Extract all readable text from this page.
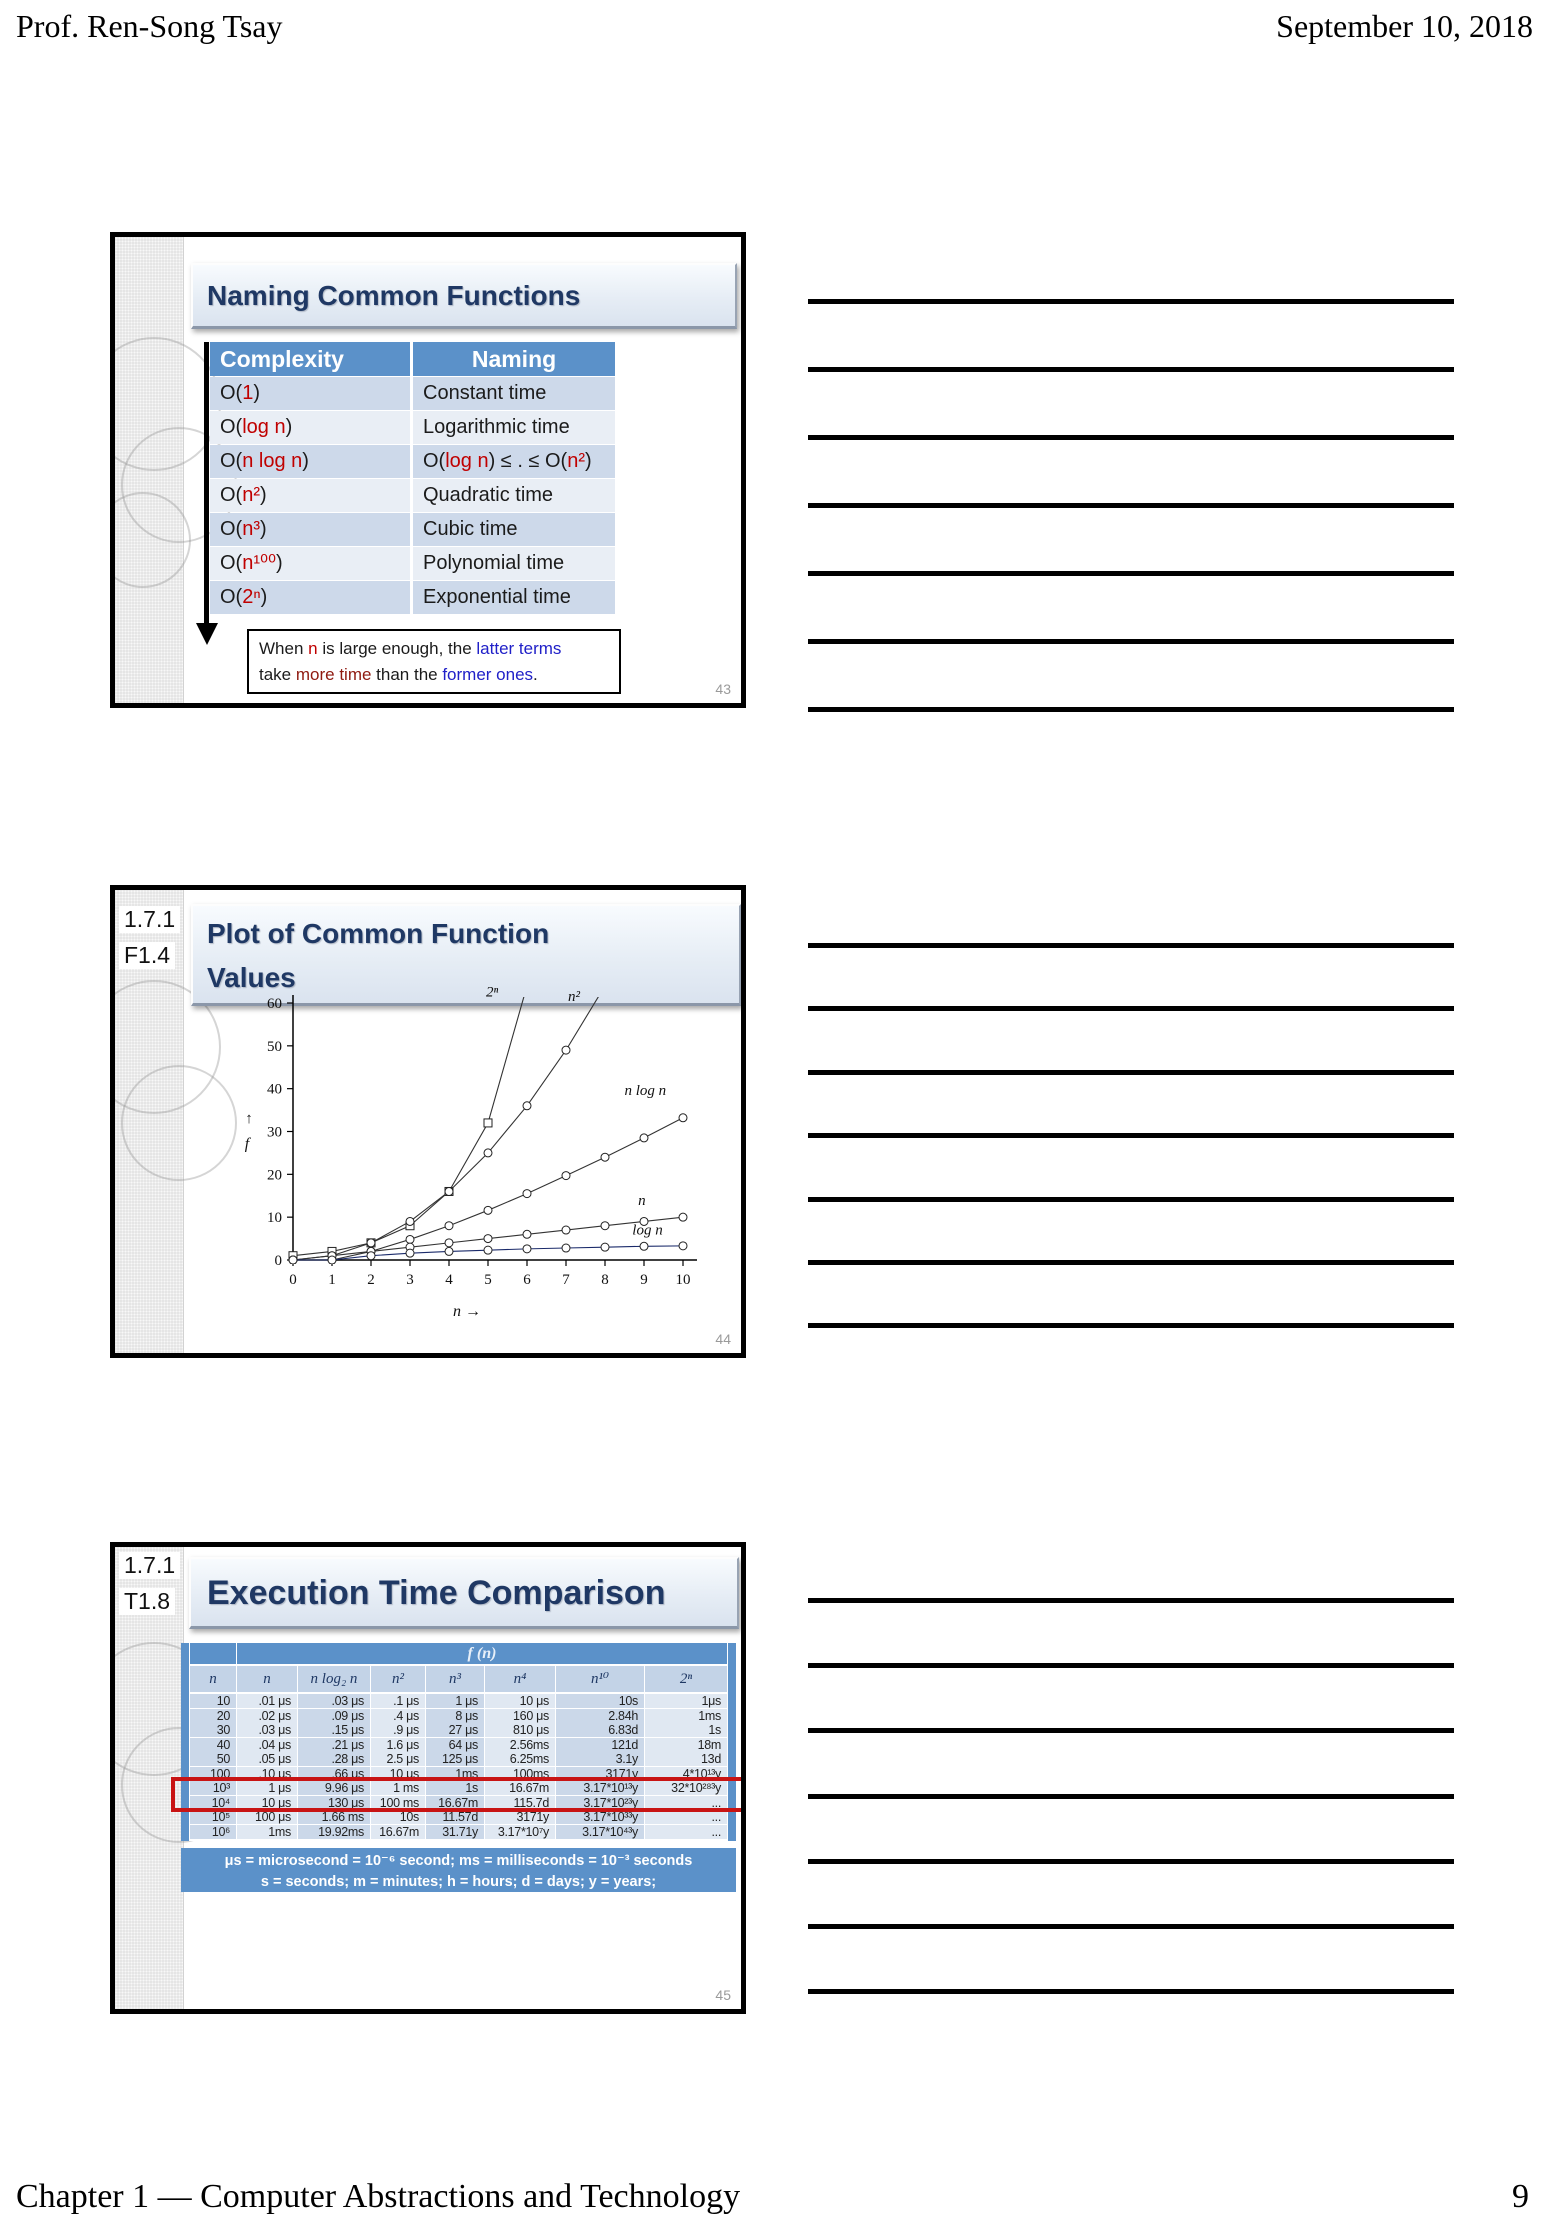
Prof. Ren-Song Tsay	September 10, 2018
Naming Common Functions
Complexity	Naming
O(1)	Constant time
O(log n)	Logarithmic time
O(n log n)	O(log n) ≤ . ≤ O(n²)
O(n²)	Quadratic time
O(n³)	Cubic time
O(n¹⁰⁰)	Polynomial time
O(2ⁿ)	Exponential time
When n is large enough, the latter terms
take more time than the former ones.
43
1.7.1
F1.4
Plot of Common Function
Values
0
10
20
30
40
50
60
0 1 2 3 4 5 6 7 8 9 10
2ⁿ	n²
n log n
n
log n
↑
f
n →
44
1.7.1
T1.8	Execution Time Comparison
f (n)
n	n	n log₂ n	n²	n³	n⁴	n¹⁰	2ⁿ
10	.01 μs	.03 μs	.1 μs	1 μs	10 μs	10s	1μs
20	.02 μs	.09 μs	.4 μs	8 μs	160 μs	2.84h	1ms
30	.03 μs	.15 μs	.9 μs	27 μs	810 μs	6.83d	1s
40	.04 μs	.21 μs	1.6 μs	64 μs	2.56ms	121d	18m
50	.05 μs	.28 μs	2.5 μs	125 μs	6.25ms	3.1y	13d
100	.10 μs	.66 μs	10 μs	1ms	100ms	3171y	4*10¹³y
10³	1 μs	9.96 μs	1 ms	1s	16.67m	3.17*10¹³y	32*10²⁸³y
10⁴	10 μs	130 μs	100 ms	16.67m	115.7d	3.17*10²³y	...
10⁵	100 μs	1.66 ms	10s	11.57d	3171y	3.17*10³³y	...
10⁶	1ms	19.92ms	16.67m	31.71y	3.17*10⁷y	3.17*10⁴³y	...
μs = microsecond = 10⁻⁶ second; ms = milliseconds = 10⁻³ seconds
s = seconds; m = minutes; h = hours; d = days; y = years;
45
Chapter 1 — Computer Abstractions and Technology	9
